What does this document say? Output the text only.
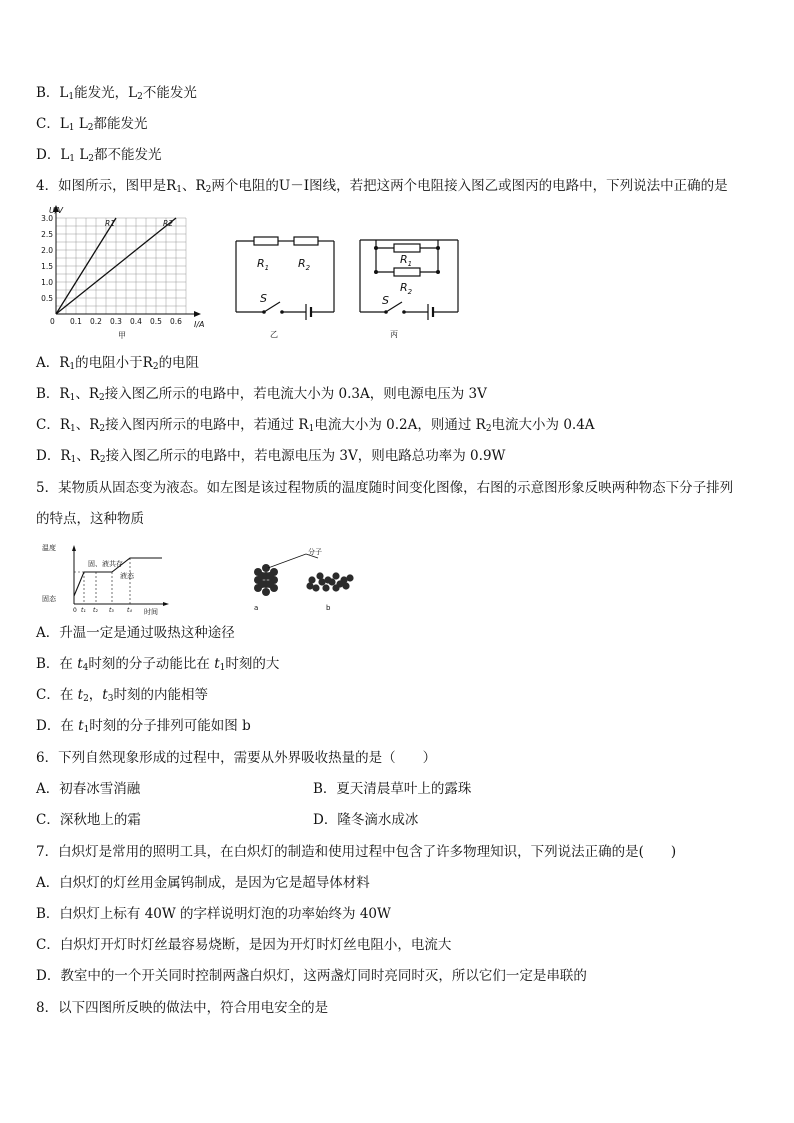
B．$L_1$能发光，$L_2$不能发光
C．$L_1$ $L_2$都能发光
D．$L_1$ $L_2$都不能发光
4．如图所示，图甲是$R_1$、$R_2$两个电阻的U－I图线，若把这两个电阻接入图乙或图丙的电路中，下列说法中正确的是
3.0
2.5
2.0
1.5
1.0
0.5
0.1 0.2 0.3 0.4 0.5 0.6
U/V
I/A
0
R1	R2
甲
$R_1$	$R_2$
S
乙
$R_1$
$R_2$
S
丙
A．$R_1$的电阻小于$R_2$的电阻
B．$R_1$、$R_2$接入图乙所示的电路中，若电流大小为 0.3A，则电源电压为 3V
C．$R_1$、$R_2$接入图丙所示的电路中，若通过 $R_1$电流大小为 0.2A，则通过 $R_2$电流大小为 0.4A
D．$R_1$、$R_2$接入图乙所示的电路中，若电源电压为 3V，则电路总功率为 0.9W
5．某物质从固态变为液态。如左图是该过程物质的温度随时间变化图像，右图的示意图形象反映两种物态下分子排列
的特点，这种物质
温度
固态
固、液共存
液态
时间
0 t₁ t₂ t₃ t₄
分子
a	b
A．升温一定是通过吸热这种途径
B．在 $t_4$时刻的分子动能比在 $t_1$时刻的大
C．在 $t_2$，$t_3$时刻的内能相等
D．在 $t_1$时刻的分子排列可能如图 b
6．下列自然现象形成的过程中，需要从外界吸收热量的是（　　）
A．初春冰雪消融	B．夏天清晨草叶上的露珠
C．深秋地上的霜	D．隆冬滴水成冰
7．白炽灯是常用的照明工具，在白炽灯的制造和使用过程中包含了许多物理知识，下列说法正确的是(　　)
A．白炽灯的灯丝用金属钨制成，是因为它是超导体材料
B．白炽灯上标有 40W 的字样说明灯泡的功率始终为 40W
C．白炽灯开灯时灯丝最容易烧断，是因为开灯时灯丝电阻小，电流大
D．教室中的一个开关同时控制两盏白炽灯，这两盏灯同时亮同时灭，所以它们一定是串联的
8．以下四图所反映的做法中，符合用电安全的是
